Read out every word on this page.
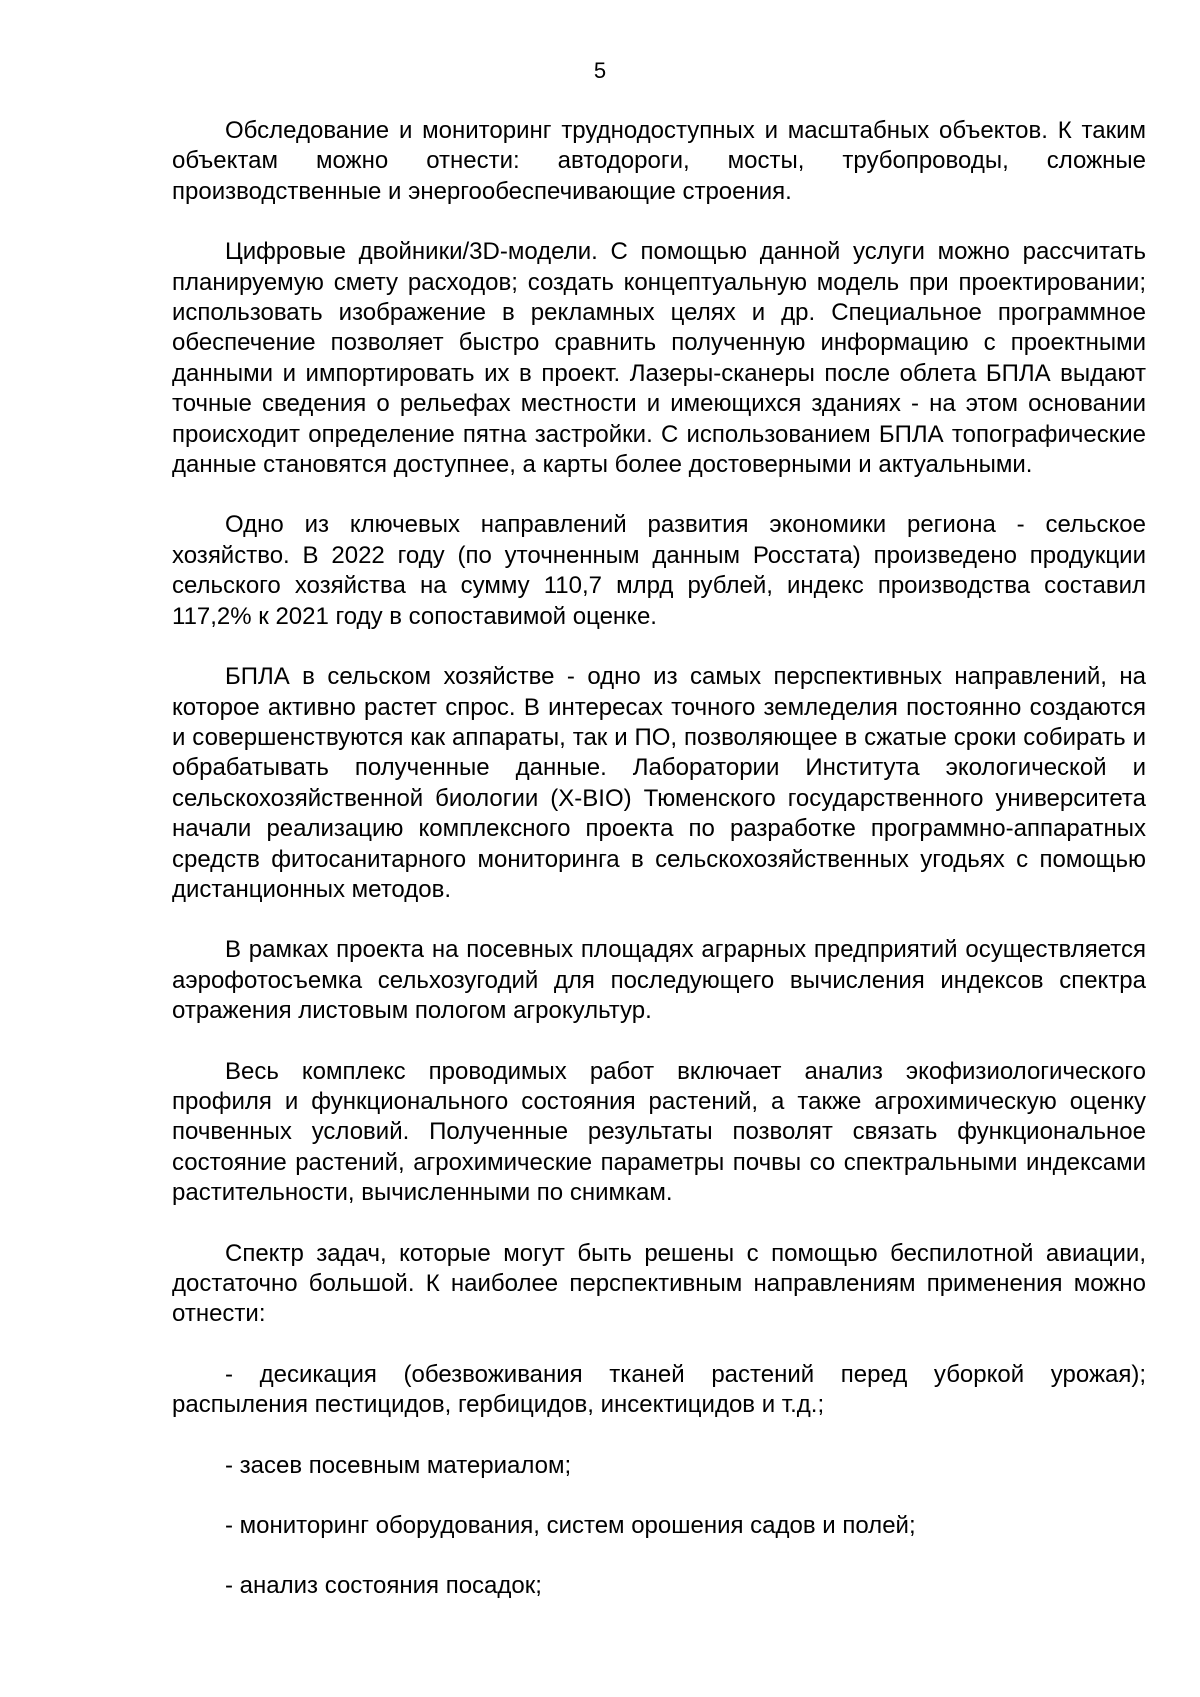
5

Обследование и мониторинг труднодоступных и масштабных объектов. К таким объектам можно отнести: автодороги, мосты, трубопроводы, сложные производственные и энергообеспечивающие строения.

Цифровые двойники/3D-модели. С помощью данной услуги можно рассчитать планируемую смету расходов; создать концептуальную модель при проектировании; использовать изображение в рекламных целях и др. Специальное программное обеспечение позволяет быстро сравнить полученную информацию с проектными данными и импортировать их в проект. Лазеры-сканеры после облета БПЛА выдают точные сведения о рельефах местности и имеющихся зданиях - на этом основании происходит определение пятна застройки. С использованием БПЛА топографические данные становятся доступнее, а карты более достоверными и актуальными.

Одно из ключевых направлений развития экономики региона - сельское хозяйство. В 2022 году (по уточненным данным Росстата) произведено продукции сельского хозяйства на сумму 110,7 млрд рублей, индекс производства составил 117,2% к 2021 году в сопоставимой оценке.

БПЛА в сельском хозяйстве - одно из самых перспективных направлений, на которое активно растет спрос. В интересах точного земледелия постоянно создаются и совершенствуются как аппараты, так и ПО, позволяющее в сжатые сроки собирать и обрабатывать полученные данные. Лаборатории Института экологической и сельскохозяйственной биологии (X-BIO) Тюменского государственного университета начали реализацию комплексного проекта по разработке программно-аппаратных средств фитосанитарного мониторинга в сельскохозяйственных угодьях с помощью дистанционных методов.

В рамках проекта на посевных площадях аграрных предприятий осуществляется аэрофотосъемка сельхозугодий для последующего вычисления индексов спектра отражения листовым пологом агрокультур.

Весь комплекс проводимых работ включает анализ экофизиологического профиля и функционального состояния растений, а также агрохимическую оценку почвенных условий. Полученные результаты позволят связать функциональное состояние растений, агрохимические параметры почвы со спектральными индексами растительности, вычисленными по снимкам.

Спектр задач, которые могут быть решены с помощью беспилотной авиации, достаточно большой. К наиболее перспективным направлениям применения можно отнести:

- десикация (обезвоживания тканей растений перед уборкой урожая); распыления пестицидов, гербицидов, инсектицидов и т.д.;

- засев посевным материалом;

- мониторинг оборудования, систем орошения садов и полей;

- анализ состояния посадок;
